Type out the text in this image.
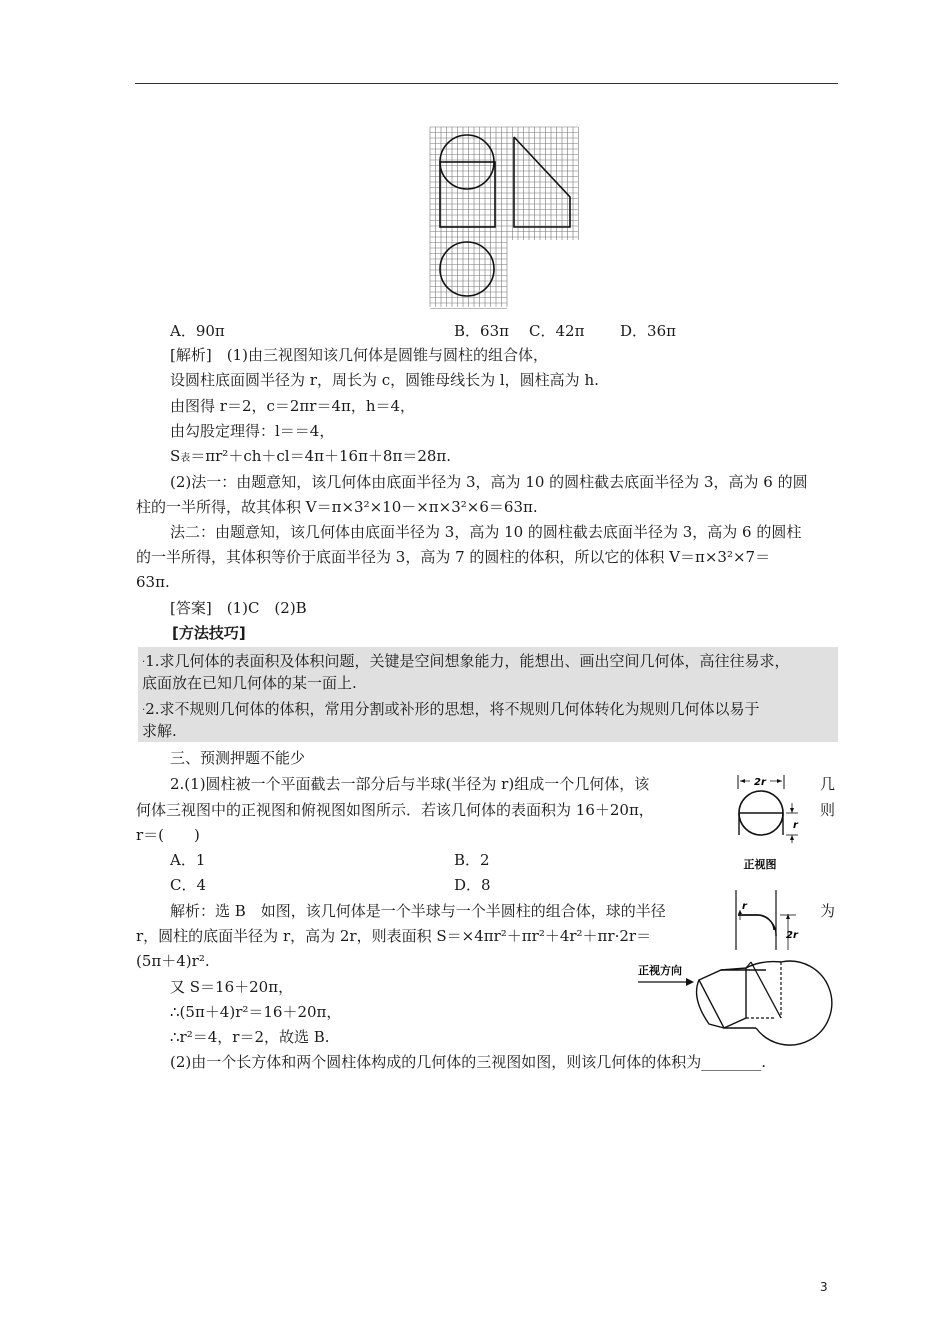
A．90π	B．63π C．42π D．36π
[解析]　(1)由三视图知该几何体是圆锥与圆柱的组合体，
设圆柱底面圆半径为 r，周长为 c，圆锥母线长为 l，圆柱高为 h.
由图得 r＝2，c＝2πr＝4π，h＝4，
由勾股定理得：l＝＝4，
S表＝πr²＋ch＋cl＝4π＋16π＋8π＝28π.
(2)法一：由题意知，该几何体由底面半径为 3，高为 10 的圆柱截去底面半径为 3，高为 6 的圆
柱的一半所得，故其体积 V＝π×3²×10－×π×3²×6＝63π.
法二：由题意知，该几何体由底面半径为 3，高为 10 的圆柱截去底面半径为 3，高为 6 的圆柱
的一半所得，其体积等价于底面半径为 3，高为 7 的圆柱的体积，所以它的体积 V＝π×3²×7＝
63π.
[答案]　(1)C　(2)B
[方法技巧]
.1.求几何体的表面积及体积问题，关键是空间想象能力，能想出、画出空间几何体，高往往易求，
底面放在已知几何体的某一面上.
.2.求不规则几何体的体积，常用分割或补形的思想，将不规则几何体转化为规则几何体以易于
求解.
三、预测押题不能少
2.(1)圆柱被一个平面截去一部分后与半球(半径为 r)组成一个几何体，该	几
何体三视图中的正视图和俯视图如图所示．若该几何体的表面积为 16＋20π，	则
r＝(　　)
A．1	B．2
C．4	D．8
解析：选 B　如图，该几何体是一个半球与一个半圆柱的组合体，球的半径	为
r，圆柱的底面半径为 r，高为 2r，则表面积 S＝×4πr²＋πr²＋4r²＋πr·2r＝
(5π＋4)r².
又 S＝16＋20π，
∴(5π＋4)r²＝16＋20π，
∴r²＝4，r＝2，故选 B.
(2)由一个长方体和两个圆柱体构成的几何体的三视图如图，则该几何体的体积为________.
2r
r
正视图
r
2r
正视方向
3
